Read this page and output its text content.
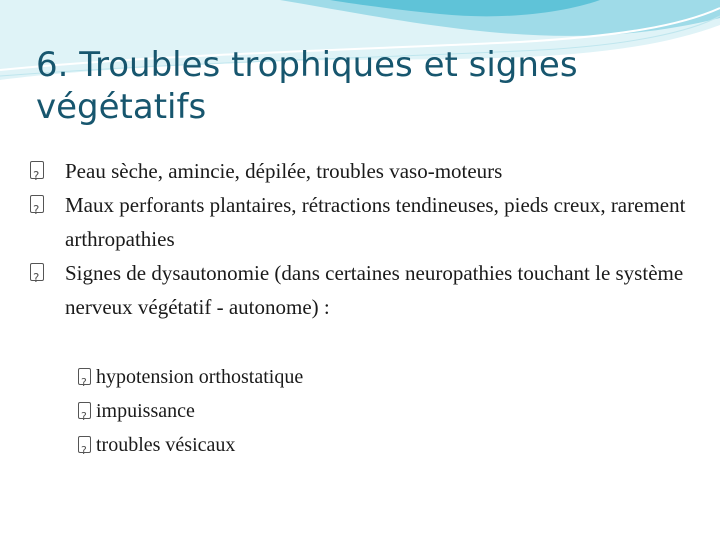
6. Troubles trophiques et signes végétatifs
?
Peau sèche, amincie, dépilée, troubles vaso-moteurs
?
Maux perforants plantaires, rétractions tendineuses, pieds creux, rarement arthropathies
?
Signes de dysautonomie (dans certaines neuropathies touchant le système nerveux végétatif - autonome) :
?
hypotension orthostatique
?
impuissance
?
troubles vésicaux
